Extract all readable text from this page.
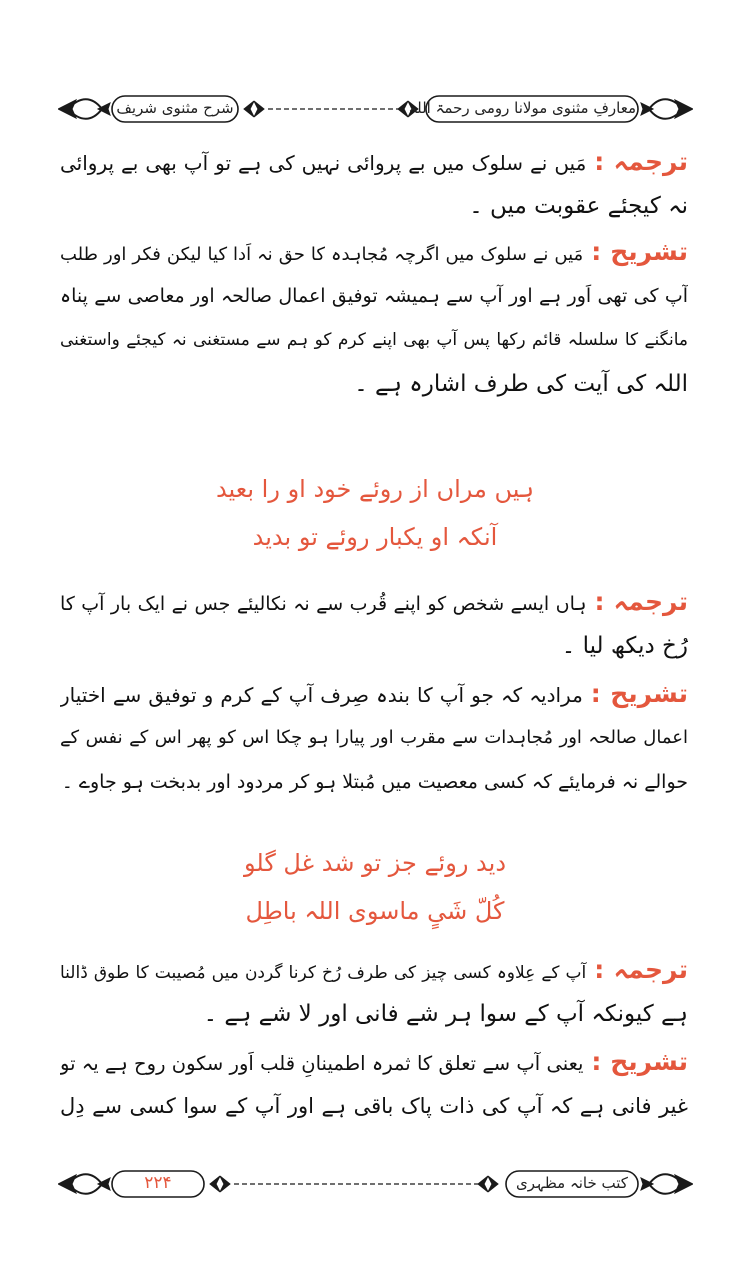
شرح مثنوی شریف	معارفِ مثنوی مولانا رومی رحمۃ اللہ
ترجمہ :مَیں نے سلوک میں بے پروائی نہیں کی ہے تو آپ بھی بے پروائی
نہ کیجئے عقوبت میں ۔
تشریح :مَیں نے سلوک میں اگرچہ مُجاہدہ کا حق نہ اَدا کیا لیکن فکر اور طلب
آپ کی تھی اَور ہے اور آپ سے ہمیشہ توفیق اعمال صالحہ اور معاصی سے پناہ
مانگنے کا سلسلہ قائم رکھا پس آپ بھی اپنے کرم کو ہم سے مستغنی نہ کیجئے واستغنی
اللہ کی آیت کی طرف اشارہ ہے ۔
ہیں مراں از روئے خود او را بعید
آنکہ او یکبار روئے تو بدید
ترجمہ :ہاں ایسے شخص کو اپنے قُرب سے نہ نکالیئے جس نے ایک بار آپ کا
رُخ دیکھ لیا ۔
تشریح :مرادیہ کہ جو آپ کا بندہ صِرف آپ کے کرم و توفیق سے اختیار
اعمال صالحہ اور مُجاہدات سے مقرب اور پیارا ہو چکا اس کو پھر اس کے نفس کے
حوالے نہ فرمایئے کہ کسی معصیت میں مُبتلا ہو کر مردود اور بدبخت ہو جاوے ۔
دید روئے جز تو شد غل گلو
کُلّ شَیٍ ماسوی اللہ باطِل
ترجمہ :آپ کے عِلاوہ کسی چیز کی طرف رُخ کرنا گردن میں مُصیبت کا طوق ڈالنا
ہے کیونکہ آپ کے سوا ہر شے فانی اور لا شے ہے ۔
تشریح :یعنی آپ سے تعلق کا ثمرہ اطمینانِ قلب اَور سکون روح ہے یہ تو
غیر فانی ہے کہ آپ کی ذات پاک باقی ہے اور آپ کے سوا کسی سے دِل
۲۲۴	کتب خانہ مظہری
